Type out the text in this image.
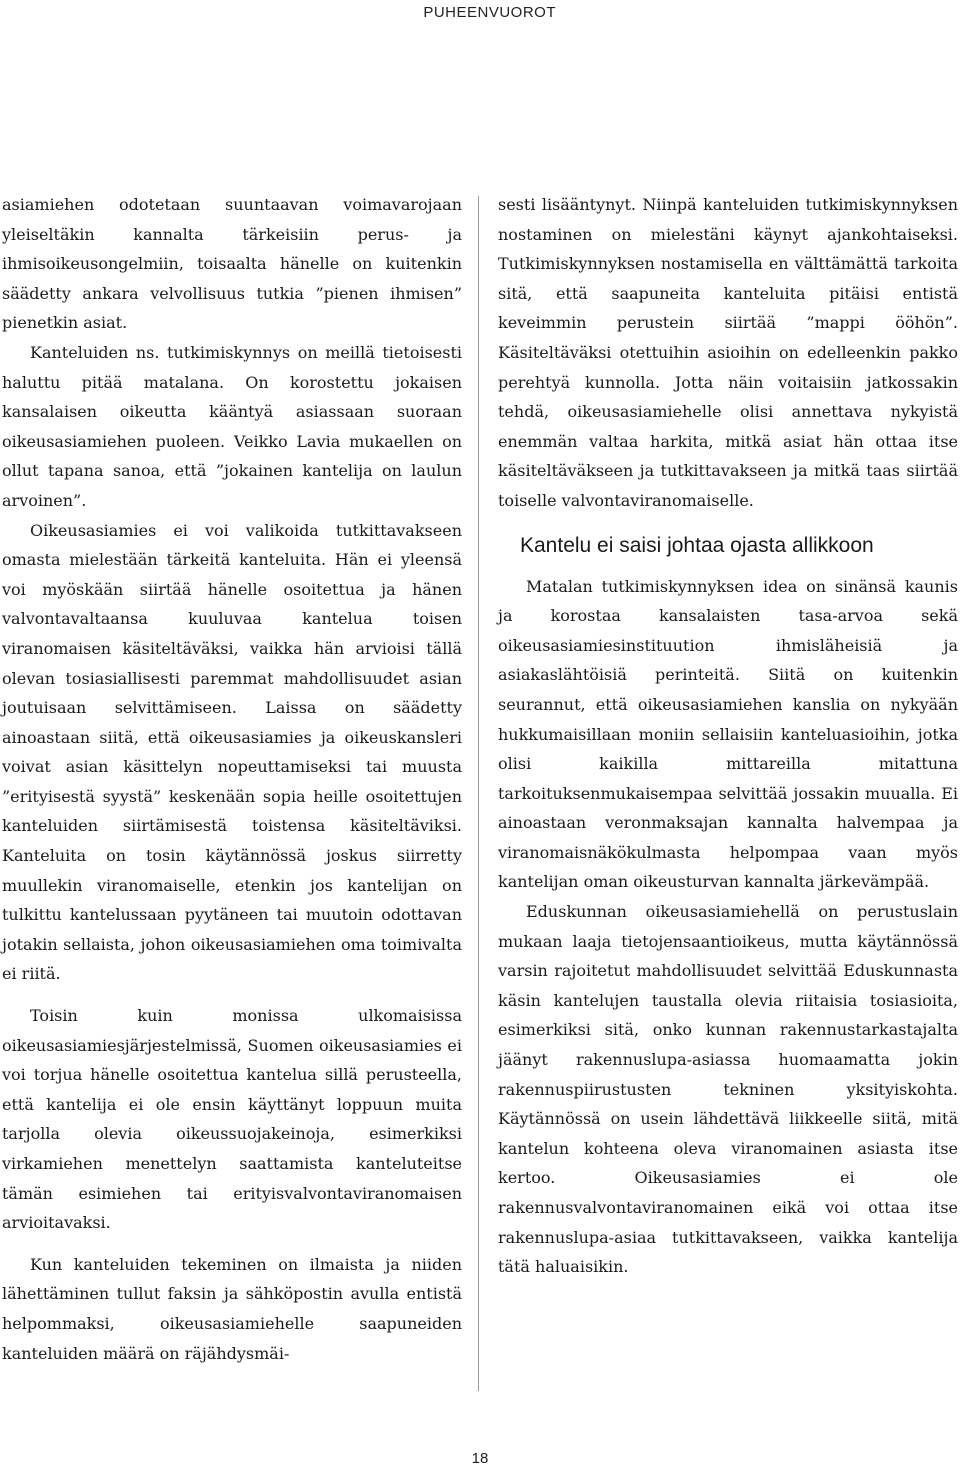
PUHEENVUOROT

asiamiehen odotetaan suuntaavan voimavarojaan yleiseltäkin kannalta tärkeisiin perus- ja ihmisoikeusongelmiin, toisaalta hänelle on kuitenkin säädetty ankara velvollisuus tutkia ”pienen ihmisen” pienetkin asiat.

Kanteluiden ns. tutkimiskynnys on meillä tietoisesti haluttu pitää matalana. On korostettu jokaisen kansalaisen oikeutta kääntyä asiassaan suoraan oikeusasiamiehen puoleen. Veikko Lavia mukaellen on ollut tapana sanoa, että ”jokainen kantelija on laulun arvoinen”.

Oikeusasiamies ei voi valikoida tutkittavakseen omasta mielestään tärkeitä kanteluita. Hän ei yleensä voi myöskään siirtää hänelle osoitettua ja hänen valvontavaltaansa kuuluvaa kantelua toisen viranomaisen käsiteltäväksi, vaikka hän arvioisi tällä olevan tosiasiallisesti paremmat mahdollisuudet asian joutuisaan selvittämiseen. Laissa on säädetty ainoastaan siitä, että oikeusasiamies ja oikeuskansleri voivat asian käsittelyn nopeuttamiseksi tai muusta ”erityisestä syystä” keskenään sopia heille osoitettujen kanteluiden siirtämisestä toistensa käsiteltäviksi. Kanteluita on tosin käytännössä joskus siirretty muullekin viranomaiselle, etenkin jos kantelijan on tulkittu kantelussaan pyytäneen tai muutoin odottavan jotakin sellaista, johon oikeusasiamiehen oma toimivalta ei riitä.

Toisin kuin monissa ulkomaisissa oikeusasiamiesjärjestelmissä, Suomen oikeusasiamies ei voi torjua hänelle osoitettua kantelua sillä perusteella, että kantelija ei ole ensin käyttänyt loppuun muita tarjolla olevia oikeussuojakeinoja, esimerkiksi virkamiehen menettelyn saattamista kanteluteitse tämän esimiehen tai erityisvalvontaviranomaisen arvioitavaksi.

Kun kanteluiden tekeminen on ilmaista ja niiden lähettäminen tullut faksin ja sähköpostin avulla entistä helpommaksi, oikeusasiamiehelle saapuneiden kanteluiden määrä on räjähdysmäi-

sesti lisääntynyt. Niinpä kanteluiden tutkimiskynnyksen nostaminen on mielestäni käynyt ajankohtaiseksi. Tutkimiskynnyksen nostamisella en välttämättä tarkoita sitä, että saapuneita kanteluita pitäisi entistä keveimmin perustein siirtää ”mappi ööhön”. Käsiteltäväksi otettuihin asioihin on edelleenkin pakko perehtyä kunnolla. Jotta näin voitaisiin jatkossakin tehdä, oikeusasiamiehelle olisi annettava nykyistä enemmän valtaa harkita, mitkä asiat hän ottaa itse käsiteltäväkseen ja tutkittavakseen ja mitkä taas siirtää toiselle valvontaviranomaiselle.

Kantelu ei saisi johtaa ojasta allikkoon

Matalan tutkimiskynnyksen idea on sinänsä kaunis ja korostaa kansalaisten tasa-arvoa sekä oikeusasiamiesinstituution ihmisläheisiä ja asiakaslähtöisiä perinteitä. Siitä on kuitenkin seurannut, että oikeusasiamiehen kanslia on nykyään hukkumaisillaan moniin sellaisiin kanteluasioihin, jotka olisi kaikilla mittareilla mitattuna tarkoituksenmukaisempaa selvittää jossakin muualla. Ei ainoastaan veronmaksajan kannalta halvempaa ja viranomaisnäkökulmasta helpompaa vaan myös kantelijan oman oikeusturvan kannalta järkevämpää.

Eduskunnan oikeusasiamiehellä on perustuslain mukaan laaja tietojensaantioikeus, mutta käytännössä varsin rajoitetut mahdollisuudet selvittää Eduskunnasta käsin kantelujen taustalla olevia riitaisia tosiasioita, esimerkiksi sitä, onko kunnan rakennustarkastajalta jäänyt rakennuslupa-asiassa huomaamatta jokin rakennuspiirustusten tekninen yksityiskohta. Käytännössä on usein lähdettävä liikkeelle siitä, mitä kantelun kohteena oleva viranomainen asiasta itse kertoo. Oikeusasiamies ei ole rakennusvalvontaviranomainen eikä voi ottaa itse rakennuslupa-asiaa tutkittavakseen, vaikka kantelija tätä haluaisikin.

18
